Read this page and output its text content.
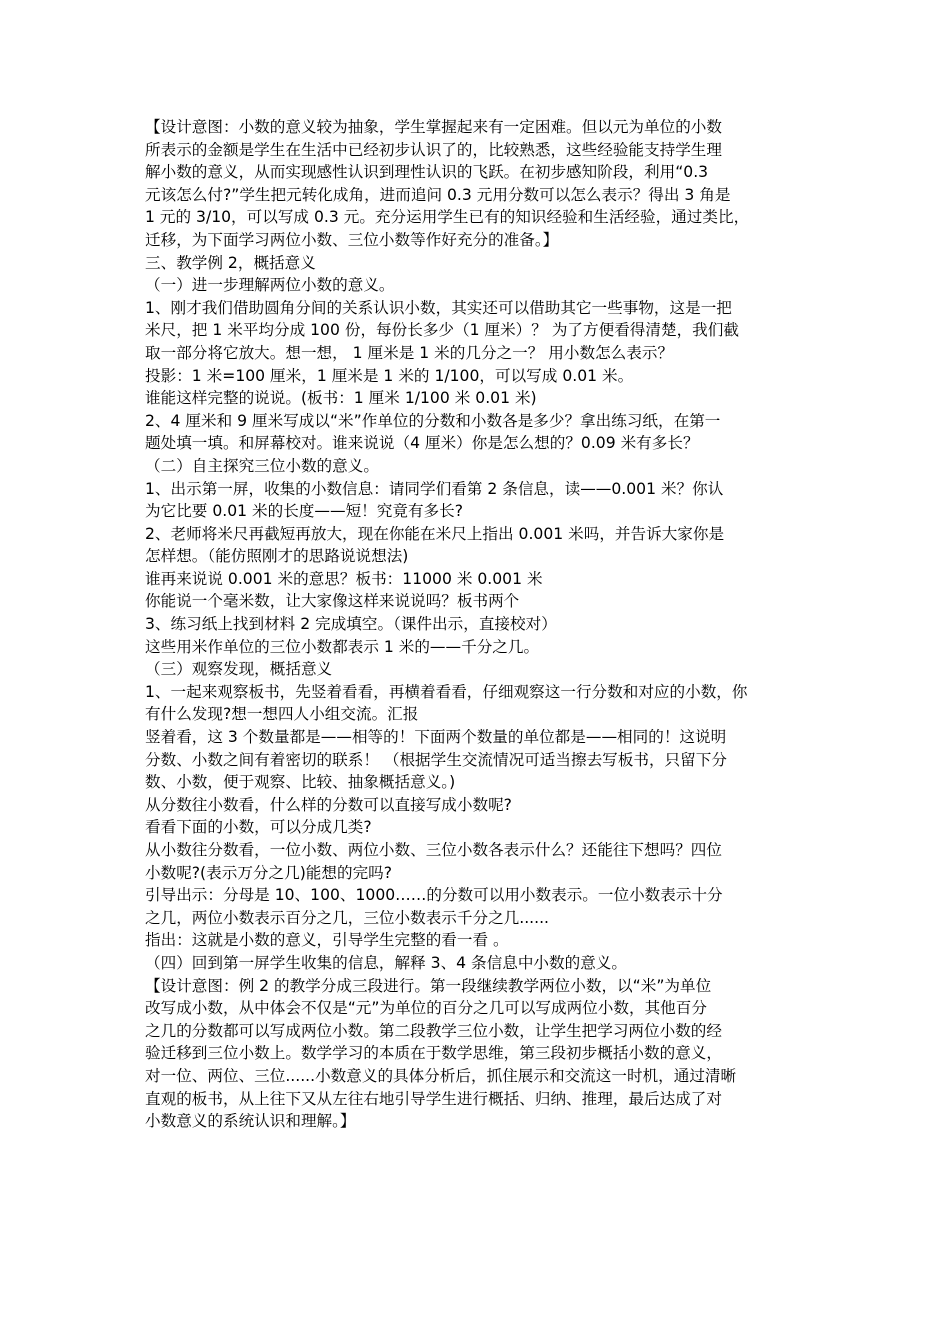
【设计意图：小数的意义较为抽象，学生掌握起来有一定困难。但以元为单位的小数
所表示的金额是学生在生活中已经初步认识了的，比较熟悉，这些经验能支持学生理
解小数的意义，从而实现感性认识到理性认识的飞跃。在初步感知阶段，利用“0.3
元该怎么付?”学生把元转化成角，进而追问 0.3 元用分数可以怎么表示？得出 3 角是
1 元的 3/10，可以写成 0.3 元。充分运用学生已有的知识经验和生活经验，通过类比，
迁移，为下面学习两位小数、三位小数等作好充分的准备。】
三、教学例 2，概括意义
（一）进一步理解两位小数的意义。
1、刚才我们借助圆角分间的关系认识小数，其实还可以借助其它一些事物，这是一把
米尺，把 1 米平均分成 100 份，每份长多少（1 厘米）？ 为了方便看得清楚，我们截
取一部分将它放大。想一想， 1 厘米是 1 米的几分之一？ 用小数怎么表示？
投影：1 米=100 厘米，1 厘米是 1 米的 1/100，可以写成 0.01 米。
谁能这样完整的说说。(板书：1 厘米 1/100 米 0.01 米)
2、4 厘米和 9 厘米写成以“米”作单位的分数和小数各是多少？拿出练习纸，在第一
题处填一填。和屏幕校对。谁来说说（4 厘米）你是怎么想的？0.09 米有多长？
（二）自主探究三位小数的意义。
1、出示第一屏，收集的小数信息：请同学们看第 2 条信息，读——0.001 米？你认
为它比要 0.01 米的长度——短！究竟有多长?
2、老师将米尺再截短再放大，现在你能在米尺上指出 0.001 米吗，并告诉大家你是
怎样想。（能仿照刚才的思路说说想法)
谁再来说说 0.001 米的意思？板书：11000 米 0.001 米
你能说一个毫米数，让大家像这样来说说吗？板书两个
3、练习纸上找到材料 2 完成填空。（课件出示，直接校对）
这些用米作单位的三位小数都表示 1 米的——千分之几。
（三）观察发现，概括意义
1、一起来观察板书，先竖着看看，再横着看看，仔细观察这一行分数和对应的小数，你
有什么发现?想一想四人小组交流。汇报
竖着看，这 3 个数量都是——相等的！下面两个数量的单位都是——相同的！这说明
分数、小数之间有着密切的联系！ （根据学生交流情况可适当擦去写板书，只留下分
数、小数，便于观察、比较、抽象概括意义。)
从分数往小数看，什么样的分数可以直接写成小数呢?
看看下面的小数，可以分成几类?
从小数往分数看，一位小数、两位小数、三位小数各表示什么？还能往下想吗？四位
小数呢?(表示万分之几)能想的完吗?
引导出示：分母是 10、100、1000……的分数可以用小数表示。一位小数表示十分
之几，两位小数表示百分之几，三位小数表示千分之几......
指出：这就是小数的意义，引导学生完整的看一看 。
（四）回到第一屏学生收集的信息，解释 3、4 条信息中小数的意义。
【设计意图：例 2 的教学分成三段进行。第一段继续教学两位小数，以“米”为单位
改写成小数，从中体会不仅是“元”为单位的百分之几可以写成两位小数，其他百分
之几的分数都可以写成两位小数。第二段教学三位小数，让学生把学习两位小数的经
验迁移到三位小数上。数学学习的本质在于数学思维，第三段初步概括小数的意义，
对一位、两位、三位......小数意义的具体分析后，抓住展示和交流这一时机，通过清晰
直观的板书，从上往下又从左往右地引导学生进行概括、归纳、推理，最后达成了对
小数意义的系统认识和理解。】
